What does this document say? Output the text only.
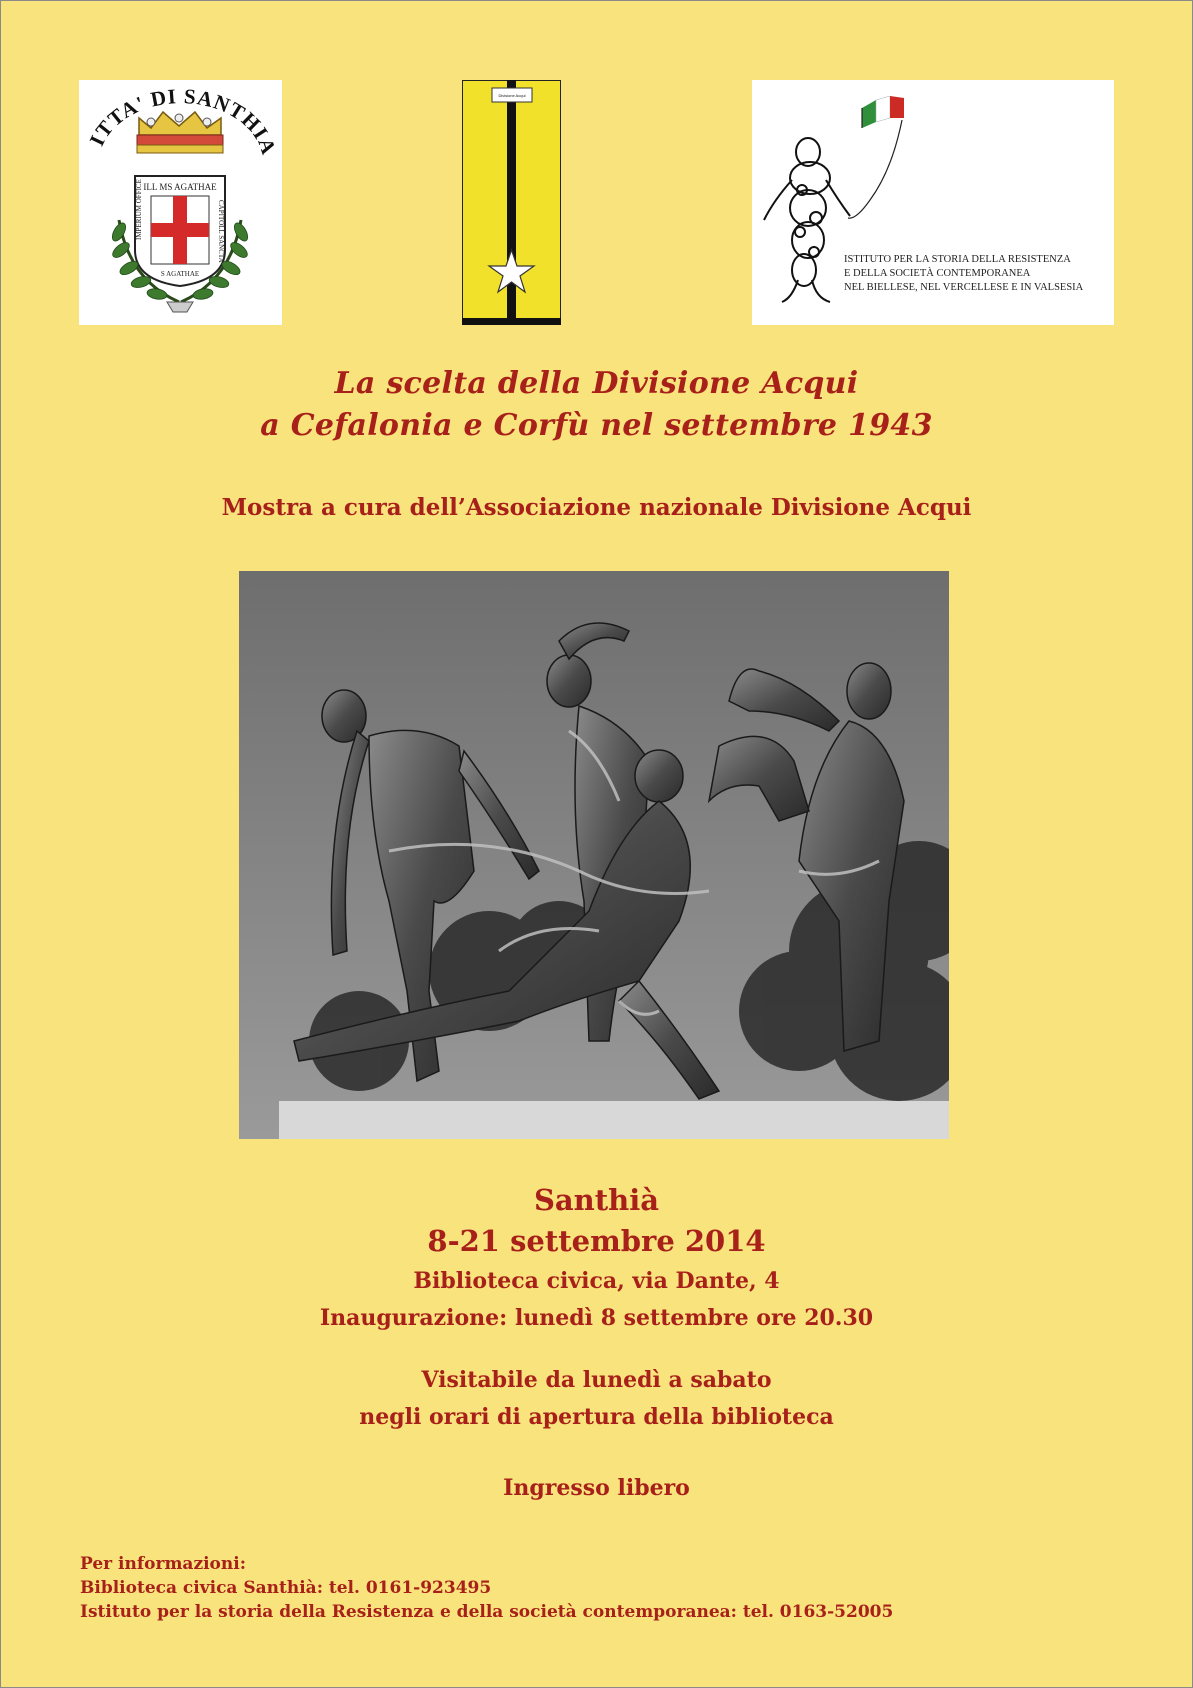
ITTA' DI SANTHIA
ILL MS AGATHAE
IMPERIUM OFFICE	CAPITOLL SANCTA
S AGATHAE
Divisione Acqui
ISTITUTO PER LA STORIA DELLA RESISTENZA
E DELLA SOCIETÀ CONTEMPORANEA
NEL BIELLESE, NEL VERCELLESE E IN VALSESIA
La scelta della Divisione Acqui
a Cefalonia e Corfù nel settembre 1943
Mostra a cura dell’Associazione nazionale Divisione Acqui
Santhià
8-21 settembre 2014
Biblioteca civica, via Dante, 4
Inaugurazione: lunedì 8 settembre ore 20.30
Visitabile da lunedì a sabato
negli orari di apertura della biblioteca
Ingresso libero
Per informazioni:
Biblioteca civica Santhià: tel. 0161-923495
Istituto per la storia della Resistenza e della società contemporanea: tel. 0163-52005
